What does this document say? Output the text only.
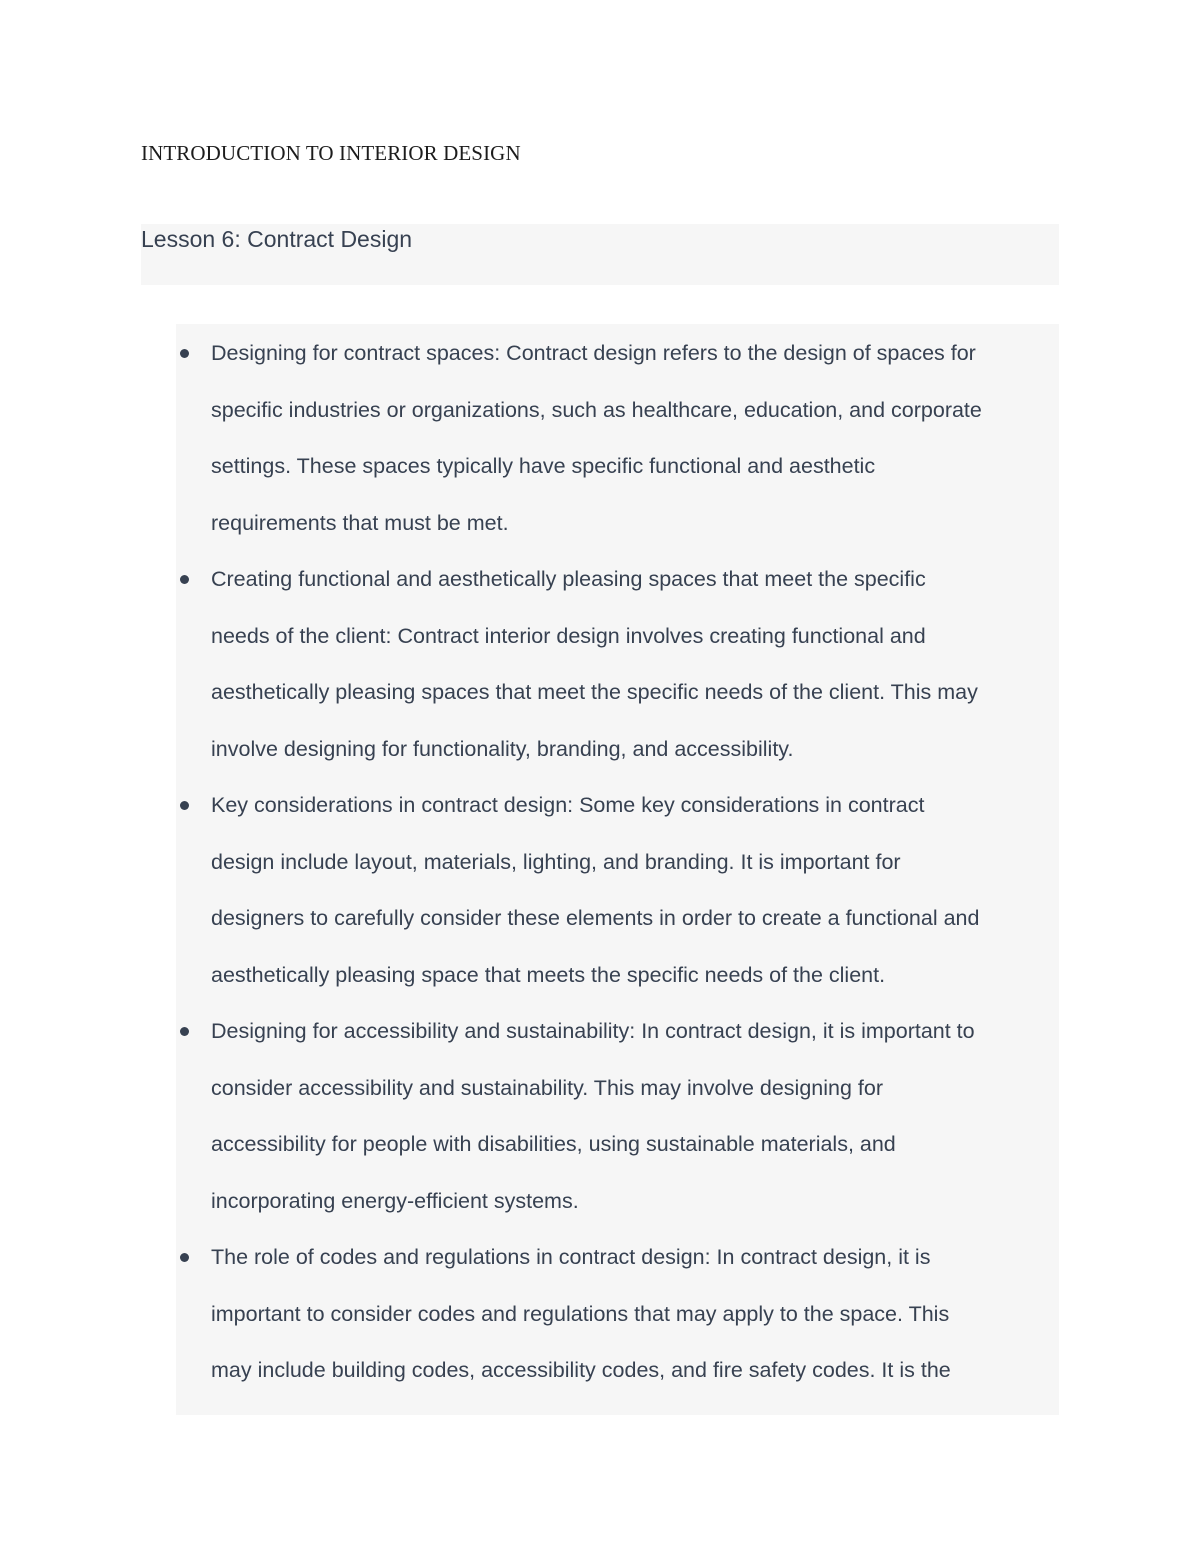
INTRODUCTION TO INTERIOR DESIGN
Lesson 6: Contract Design
Designing for contract spaces: Contract design refers to the design of spaces for
specific industries or organizations, such as healthcare, education, and corporate
settings. These spaces typically have specific functional and aesthetic
requirements that must be met.
Creating functional and aesthetically pleasing spaces that meet the specific
needs of the client: Contract interior design involves creating functional and
aesthetically pleasing spaces that meet the specific needs of the client. This may
involve designing for functionality, branding, and accessibility.
Key considerations in contract design: Some key considerations in contract
design include layout, materials, lighting, and branding. It is important for
designers to carefully consider these elements in order to create a functional and
aesthetically pleasing space that meets the specific needs of the client.
Designing for accessibility and sustainability: In contract design, it is important to
consider accessibility and sustainability. This may involve designing for
accessibility for people with disabilities, using sustainable materials, and
incorporating energy-efficient systems.
The role of codes and regulations in contract design: In contract design, it is
important to consider codes and regulations that may apply to the space. This
may include building codes, accessibility codes, and fire safety codes. It is the
